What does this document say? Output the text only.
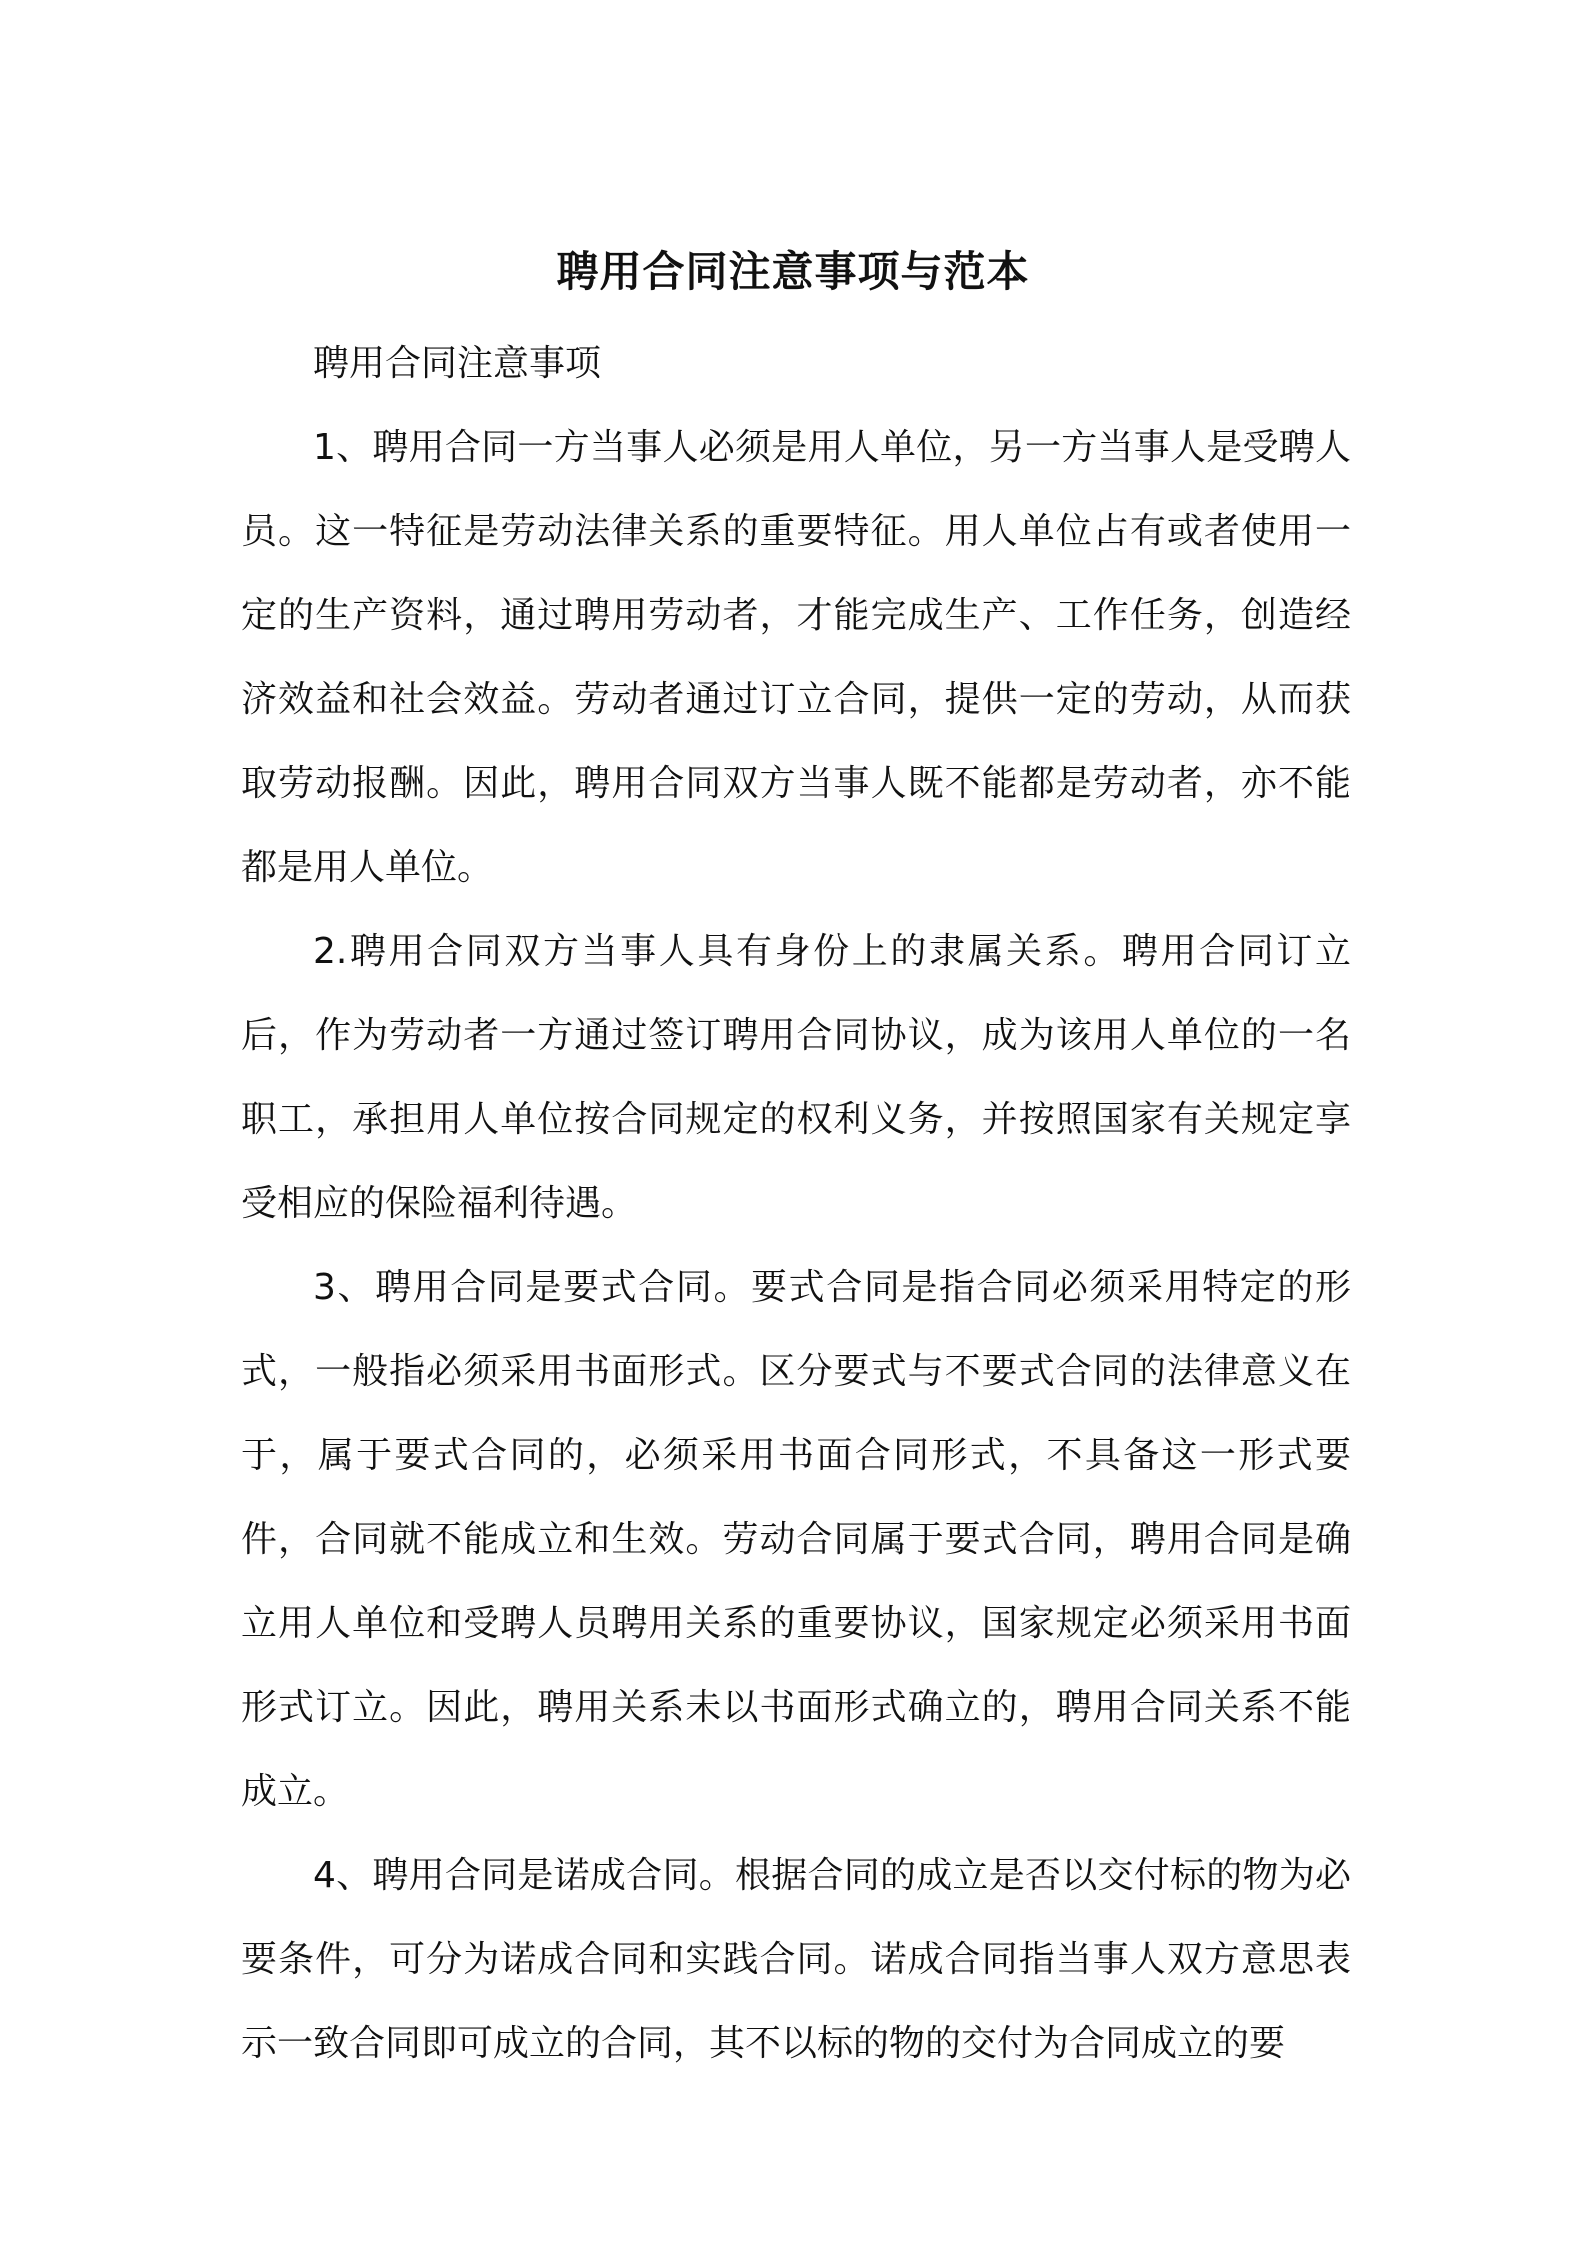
聘用合同注意事项与范本

聘用合同注意事项

1、聘用合同一方当事人必须是用人单位，另一方当事人是受聘人员。这一特征是劳动法律关系的重要特征。用人单位占有或者使用一定的生产资料，通过聘用劳动者，才能完成生产、工作任务，创造经济效益和社会效益。劳动者通过订立合同，提供一定的劳动，从而获取劳动报酬。因此，聘用合同双方当事人既不能都是劳动者，亦不能都是用人单位。

2.聘用合同双方当事人具有身份上的隶属关系。聘用合同订立后，作为劳动者一方通过签订聘用合同协议，成为该用人单位的一名职工，承担用人单位按合同规定的权利义务，并按照国家有关规定享受相应的保险福利待遇。

3、聘用合同是要式合同。要式合同是指合同必须采用特定的形式，一般指必须采用书面形式。区分要式与不要式合同的法律意义在于，属于要式合同的，必须采用书面合同形式，不具备这一形式要件，合同就不能成立和生效。劳动合同属于要式合同，聘用合同是确立用人单位和受聘人员聘用关系的重要协议，国家规定必须采用书面形式订立。因此，聘用关系未以书面形式确立的，聘用合同关系不能成立。

4、聘用合同是诺成合同。根据合同的成立是否以交付标的物为必要条件，可分为诺成合同和实践合同。诺成合同指当事人双方意思表示一致合同即可成立的合同，其不以标的物的交付为合同成立的要
